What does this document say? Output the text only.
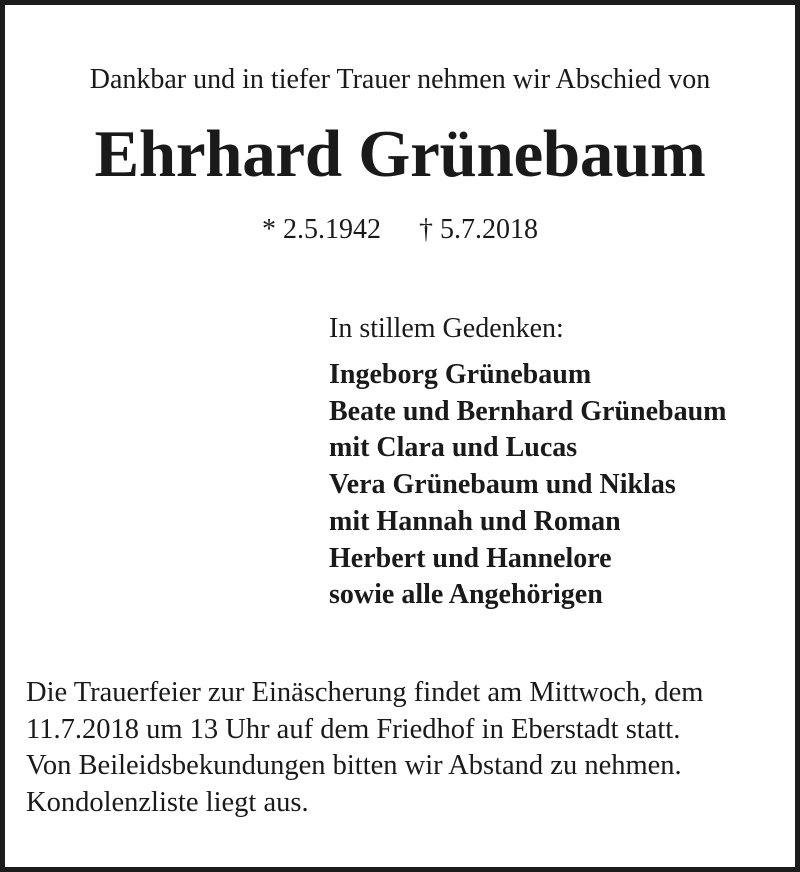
Dankbar und in tiefer Trauer nehmen wir Abschied von
Ehrhard Grünebaum
* 2.5.1942 † 5.7.2018
In stillem Gedenken:
Ingeborg Grünebaum
Beate und Bernhard Grünebaum
mit Clara und Lucas
Vera Grünebaum und Niklas
mit Hannah und Roman
Herbert und Hannelore
sowie alle Angehörigen
Die Trauerfeier zur Einäscherung findet am Mittwoch, dem
11.7.2018 um 13 Uhr auf dem Friedhof in Eberstadt statt.
Von Beileidsbekundungen bitten wir Abstand zu nehmen.
Kondolenzliste liegt aus.
